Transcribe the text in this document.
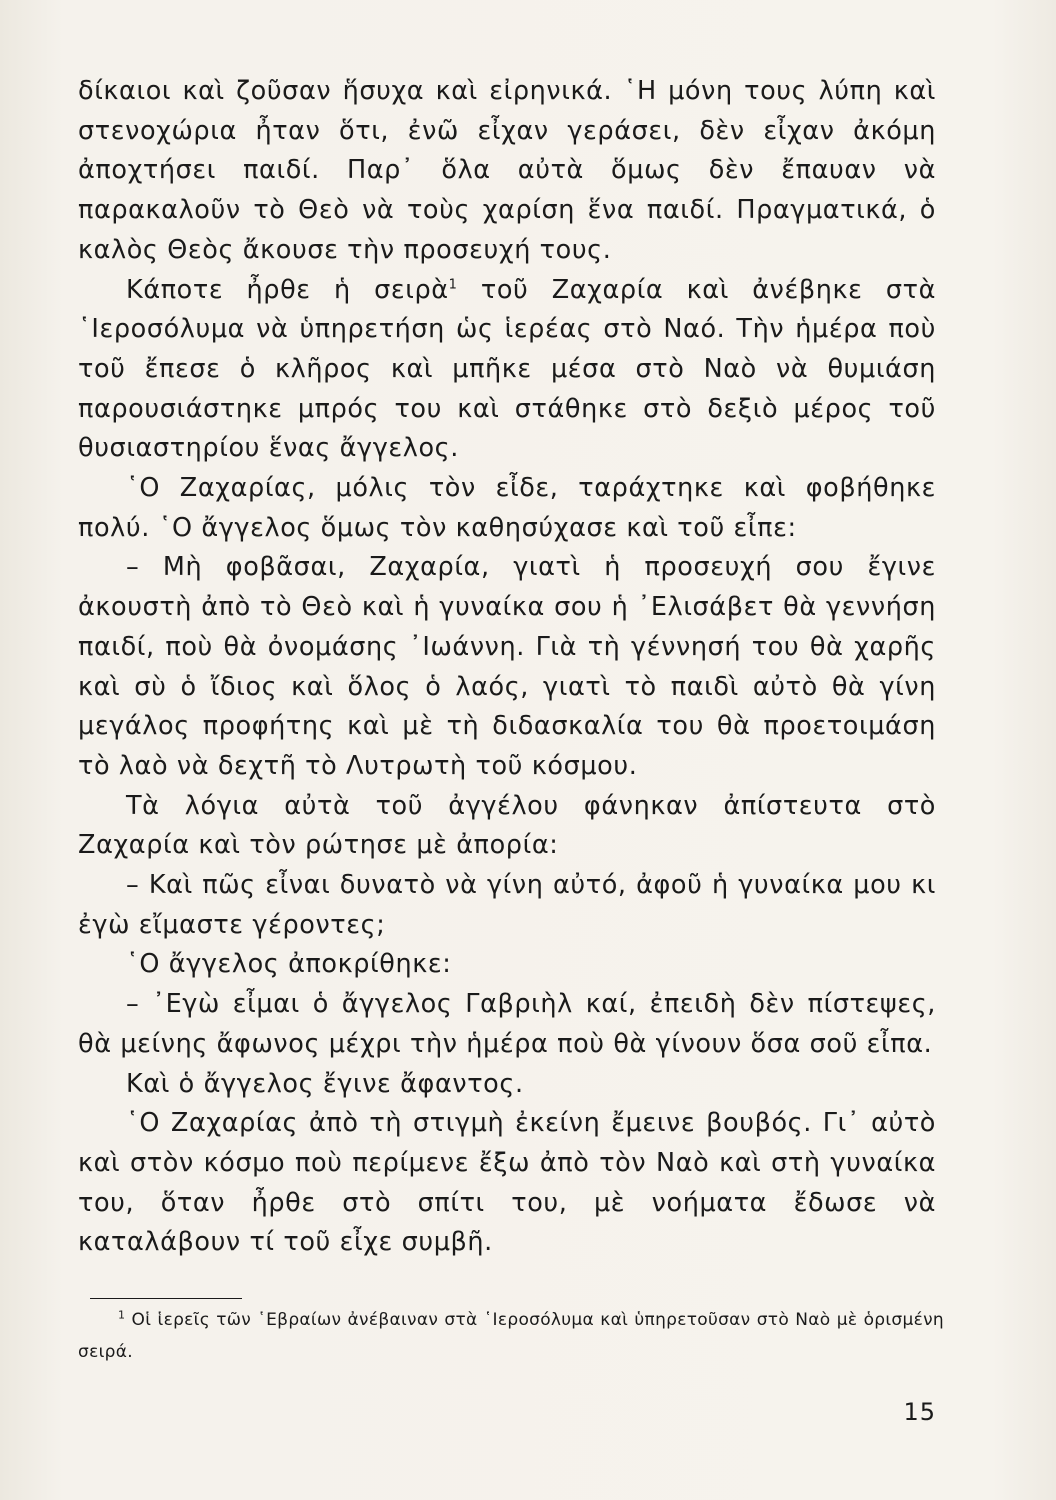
δίκαιοι καὶ ζοῦσαν ἥσυχα καὶ εἰρηνικά. ῾Η μόνη τους λύπη καὶ στενοχώρια ἦταν ὅτι, ἐνῶ εἶχαν γεράσει, δὲν εἶχαν ἀκόμη ἀποχτήσει παιδί. Παρ᾽ ὅλα αὐτὰ ὅμως δὲν ἔπαυαν νὰ παρακαλοῦν τὸ Θεὸ νὰ τοὺς χαρίση ἕνα παιδί. Πραγματικά, ὁ καλὸς Θεὸς ἄκουσε τὴν προσευχή τους.

Κάποτε ἦρθε ἡ σειρὰ$^1$ τοῦ Ζαχαρία καὶ ἀνέβηκε στὰ ῾Ιεροσόλυμα νὰ ὑπηρετήση ὡς ἱερέας στὸ Ναό. Τὴν ἡμέρα ποὺ τοῦ ἔπεσε ὁ κλῆρος καὶ μπῆκε μέσα στὸ Ναὸ νὰ θυμιάση παρουσιάστηκε μπρός του καὶ στάθηκε στὸ δεξιὸ μέρος τοῦ θυσιαστηρίου ἕνας ἄγγελος.

῾Ο Ζαχαρίας, μόλις τὸν εἶδε, ταράχτηκε καὶ φοβήθηκε πολύ. ῾Ο ἄγγελος ὅμως τὸν καθησύχασε καὶ τοῦ εἶπε:

– Μὴ φοβᾶσαι, Ζαχαρία, γιατὶ ἡ προσευχή σου ἔγινε ἀκουστὴ ἀπὸ τὸ Θεὸ καὶ ἡ γυναίκα σου ἡ ᾽Ελισάβετ θὰ γεννήση παιδί, ποὺ θὰ ὀνομάσης ᾽Ιωάννη. Γιὰ τὴ γέννησή του θὰ χαρῆς καὶ σὺ ὁ ἴδιος καὶ ὅλος ὁ λαός, γιατὶ τὸ παιδὶ αὐτὸ θὰ γίνη μεγάλος προφήτης καὶ μὲ τὴ διδασκαλία του θὰ προετοιμάση τὸ λαὸ νὰ δεχτῆ τὸ Λυτρωτὴ τοῦ κόσμου.

Τὰ λόγια αὐτὰ τοῦ ἀγγέλου φάνηκαν ἀπίστευτα στὸ Ζαχαρία καὶ τὸν ρώτησε μὲ ἀπορία:

– Καὶ πῶς εἶναι δυνατὸ νὰ γίνη αὐτό, ἀφοῦ ἡ γυναίκα μου κι ἐγὼ εἴμαστε γέροντες;

῾Ο ἄγγελος ἀποκρίθηκε:

– ᾽Εγὼ εἶμαι ὁ ἄγγελος Γαβριὴλ καί, ἐπειδὴ δὲν πίστεψες, θὰ μείνης ἄφωνος μέχρι τὴν ἡμέρα ποὺ θὰ γίνουν ὅσα σοῦ εἶπα.

Καὶ ὁ ἄγγελος ἔγινε ἄφαντος.

῾Ο Ζαχαρίας ἀπὸ τὴ στιγμὴ ἐκείνη ἔμεινε βουβός. Γι᾽ αὐτὸ καὶ στὸν κόσμο ποὺ περίμενε ἔξω ἀπὸ τὸν Ναὸ καὶ στὴ γυναίκα του, ὅταν ἦρθε στὸ σπίτι του, μὲ νοήματα ἔδωσε νὰ καταλάβουν τί τοῦ εἶχε συμβῆ.

$^1$ Οἱ ἱερεῖς τῶν ῾Εβραίων ἀνέβαιναν στὰ ῾Ιεροσόλυμα καὶ ὑπηρετοῦσαν στὸ Ναὸ μὲ ὁρισμένη σειρά.

15
